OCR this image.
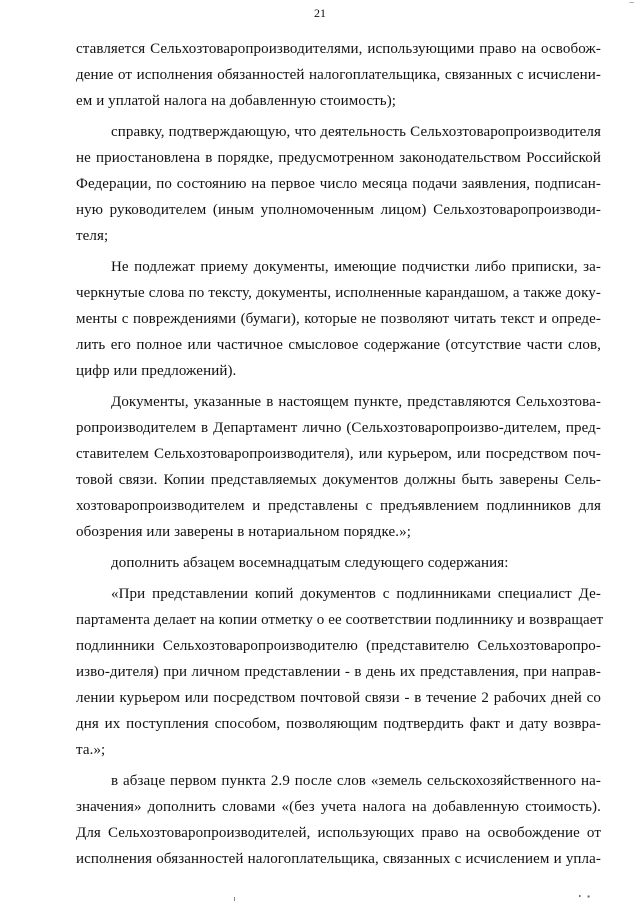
–
21
ставляется Сельхозтоваропроизводителями, использующими право на освобож-
дение от исполнения обязанностей налогоплательщика, связанных с исчислени-
ем и уплатой налога на добавленную стоимость);
справку, подтверждающую, что деятельность Сельхозтоваропроизводителя
не приостановлена в порядке, предусмотренном законодательством Российской
Федерации, по состоянию на первое число месяца подачи заявления, подписан-
ную руководителем (иным уполномоченным лицом) Сельхозтоваропроизводи-
теля;
Не подлежат приему документы, имеющие подчистки либо приписки, за-
черкнутые слова по тексту, документы, исполненные карандашом, а также доку-
менты с повреждениями (бумаги), которые не позволяют читать текст и опреде-
лить его полное или частичное смысловое содержание (отсутствие части слов,
цифр или предложений).
Документы, указанные в настоящем пункте, представляются Сельхозтова-
ропроизводителем в Департамент лично (Сельхозтоваропроизво-дителем, пред-
ставителем Сельхозтоваропроизводителя), или курьером, или посредством поч-
товой связи. Копии представляемых документов должны быть заверены Сель-
хозтоваропроизводителем и представлены с предъявлением подлинников для
обозрения или заверены в нотариальном порядке.»;
дополнить абзацем восемнадцатым следующего содержания:
«При представлении копий документов с подлинниками специалист Де-
партамента делает на копии отметку о ее соответствии подлиннику и возвращает
подлинники Сельхозтоваропроизводителю (представителю Сельхозтоваропро-
изво-дителя) при личном представлении - в день их представления, при направ-
лении курьером или посредством почтовой связи - в течение 2 рабочих дней со
дня их поступления способом, позволяющим подтвердить факт и дату возвра-
та.»;
в абзаце первом пункта 2.9 после слов «земель сельскохозяйственного на-
значения» дополнить словами «(без учета налога на добавленную стоимость).
Для Сельхозтоваропроизводителей, использующих право на освобождение от
исполнения обязанностей налогоплательщика, связанных с исчислением и упла-
• ▪
